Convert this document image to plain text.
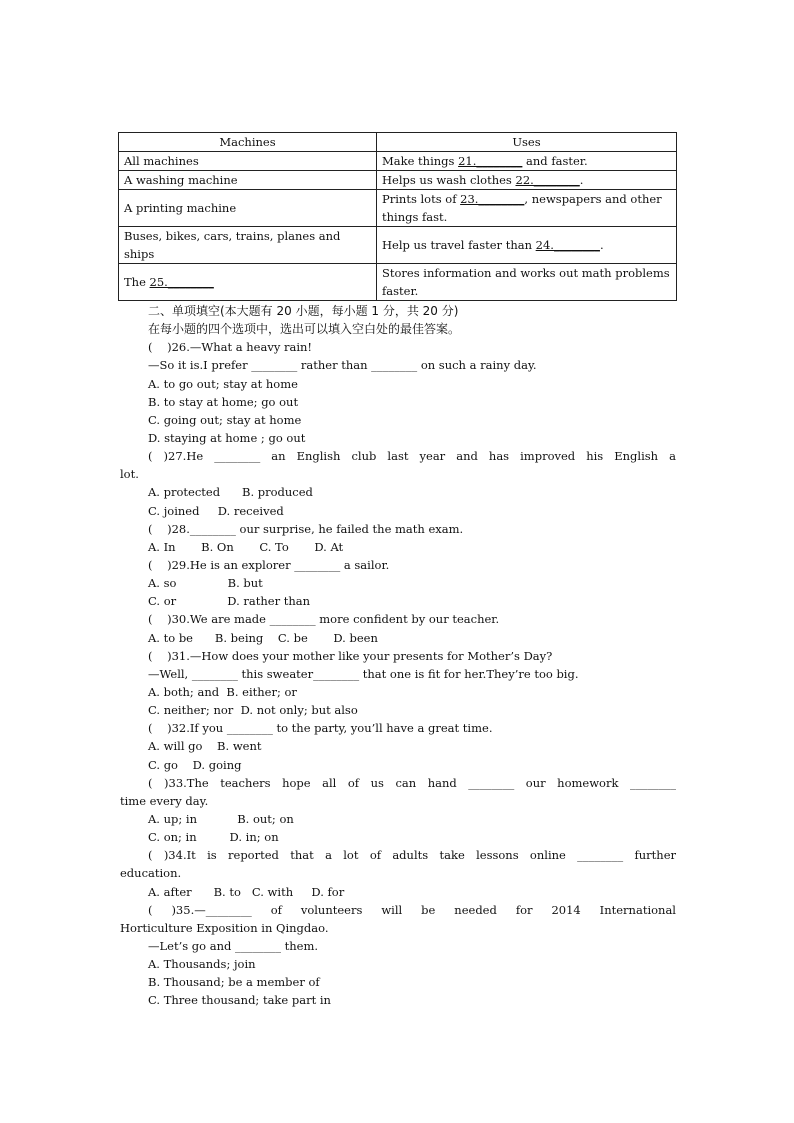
Machines	Uses
All machines	Make things 21.________ and faster.
A washing machine	Helps us wash clothes 22.________.
A printing machine	Prints lots of 23.________, newspapers and other things fast.
Buses, bikes, cars, trains, planes and ships	Help us travel faster than 24.________.
The 25.________	Stores information and works out math problems faster.
二、单项填空(本大题有 20 小题，每小题 1 分，共 20 分)
在每小题的四个选项中，选出可以填入空白处的最佳答案。
(    )26.—What a heavy rain!
—So it is.I prefer ________ rather than ________ on such a rainy day.
A. to go out; stay at home
B. to stay at home; go out
C. going out; stay at home
D. staying at home ; go out
( )27.He ________ an English club last year and has improved his English a
lot.
A. protected      B. produced
C. joined     D. received
(    )28.________ our surprise, he failed the math exam.
A. In       B. On       C. To       D. At
(    )29.He is an explorer ________ a sailor.
A. so              B. but
C. or              D. rather than
(    )30.We are made ________ more confident by our teacher.
A. to be      B. being    C. be       D. been
(    )31.—How does your mother like your presents for Mother’s Day?
—Well, ________ this sweater________ that one is fit for her.They’re too big.
A. both; and  B. either; or
C. neither; nor  D. not only; but also
(    )32.If you ________ to the party, you’ll have a great time.
A. will go    B. went
C. go    D. going
( )33.The teachers hope all of us can hand ________ our homework ________
time every day.
A. up; in           B. out; on
C. on; in         D. in; on
( )34.It is reported that a lot of adults take lessons online ________ further
education.
A. after      B. to   C. with     D. for
( )35.—________ of volunteers will be needed for 2014 International
Horticulture Exposition in Qingdao.
—Let’s go and ________ them.
A. Thousands; join
B. Thousand; be a member of
C. Three thousand; take part in
